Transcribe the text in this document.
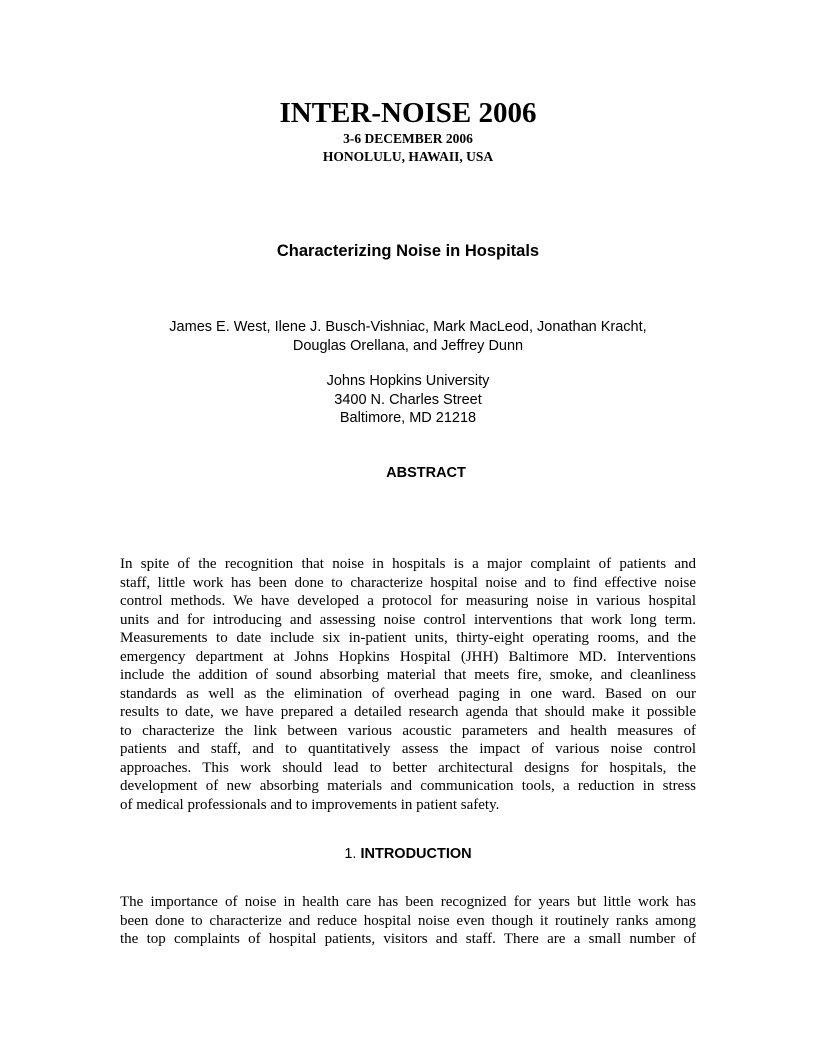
INTER-NOISE 2006
3-6 DECEMBER 2006
HONOLULU, HAWAII, USA
Characterizing Noise in Hospitals
James E. West, Ilene J. Busch-Vishniac, Mark MacLeod, Jonathan Kracht,
Douglas Orellana, and Jeffrey Dunn
Johns Hopkins University
3400 N. Charles Street
Baltimore, MD 21218
ABSTRACT
In spite of the recognition that noise in hospitals is a major complaint of patients and
staff, little work has been done to characterize hospital noise and to find effective noise
control methods. We have developed a protocol for measuring noise in various hospital
units and for introducing and assessing noise control interventions that work long term.
Measurements to date include six in-patient units, thirty-eight operating rooms, and the
emergency department at Johns Hopkins Hospital (JHH) Baltimore MD. Interventions
include the addition of sound absorbing material that meets fire, smoke, and cleanliness
standards as well as the elimination of overhead paging in one ward. Based on our
results to date, we have prepared a detailed research agenda that should make it possible
to characterize the link between various acoustic parameters and health measures of
patients and staff, and to quantitatively assess the impact of various noise control
approaches. This work should lead to better architectural designs for hospitals, the
development of new absorbing materials and communication tools, a reduction in stress
of medical professionals and to improvements in patient safety.
1. INTRODUCTION
The importance of noise in health care has been recognized for years but little work has
been done to characterize and reduce hospital noise even though it routinely ranks among
the top complaints of hospital patients, visitors and staff. There are a small number of
